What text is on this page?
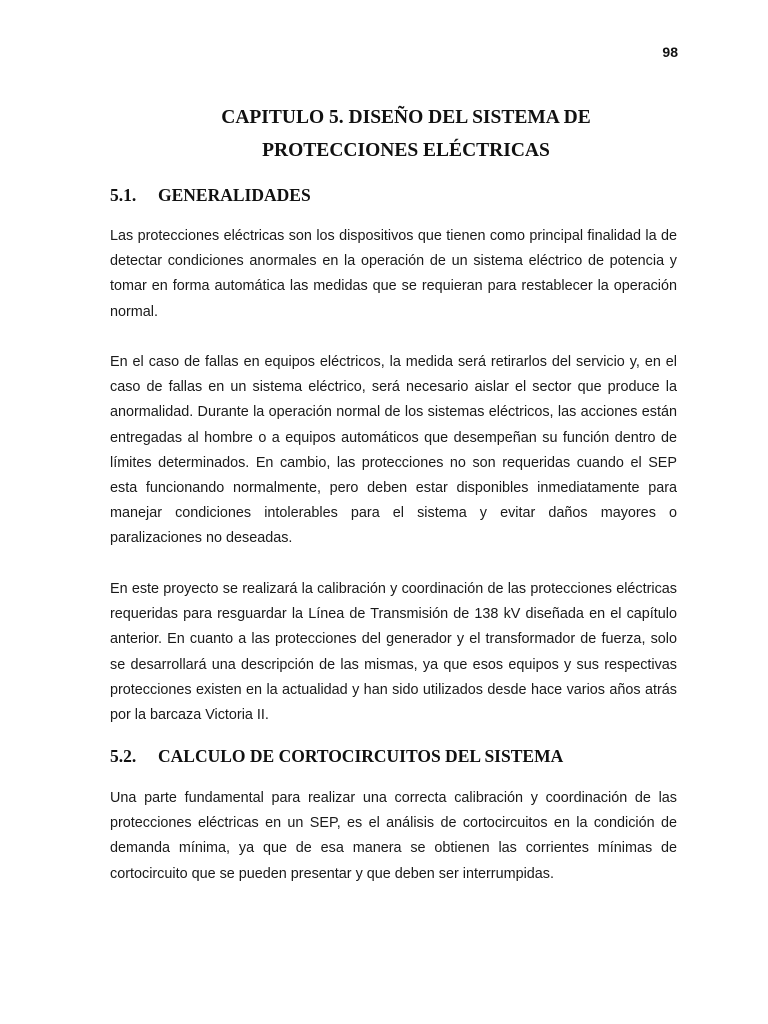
98
CAPITULO 5. DISEÑO DEL SISTEMA DE
PROTECCIONES ELÉCTRICAS
5.1. GENERALIDADES

Las protecciones eléctricas son los dispositivos que tienen como principal finalidad la de detectar condiciones anormales en la operación de un sistema eléctrico de potencia y tomar en forma automática las medidas que se requieran para restablecer la operación normal.

En el caso de fallas en equipos eléctricos, la medida será retirarlos del servicio y, en el caso de fallas en un sistema eléctrico, será necesario aislar el sector que produce la anormalidad. Durante la operación normal de los sistemas eléctricos, las acciones están entregadas al hombre o a equipos automáticos que desempeñan su función dentro de límites determinados. En cambio, las protecciones no son requeridas cuando el SEP esta funcionando normalmente, pero deben estar disponibles inmediatamente para manejar condiciones intolerables para el sistema y evitar daños mayores o paralizaciones no deseadas.

En este proyecto se realizará la calibración y coordinación de las protecciones eléctricas requeridas para resguardar la Línea de Transmisión de 138 kV diseñada en el capítulo anterior. En cuanto a las protecciones del generador y el transformador de fuerza, solo se desarrollará una descripción de las mismas, ya que esos equipos y sus respectivas protecciones existen en la actualidad y han sido utilizados desde hace varios años atrás por la barcaza Victoria II.

5.2. CALCULO DE CORTOCIRCUITOS DEL SISTEMA

Una parte fundamental para realizar una correcta calibración y coordinación de las protecciones eléctricas en un SEP, es el análisis de cortocircuitos en la condición de demanda mínima, ya que de esa manera se obtienen las corrientes mínimas de cortocircuito que se pueden presentar y que deben ser interrumpidas.
